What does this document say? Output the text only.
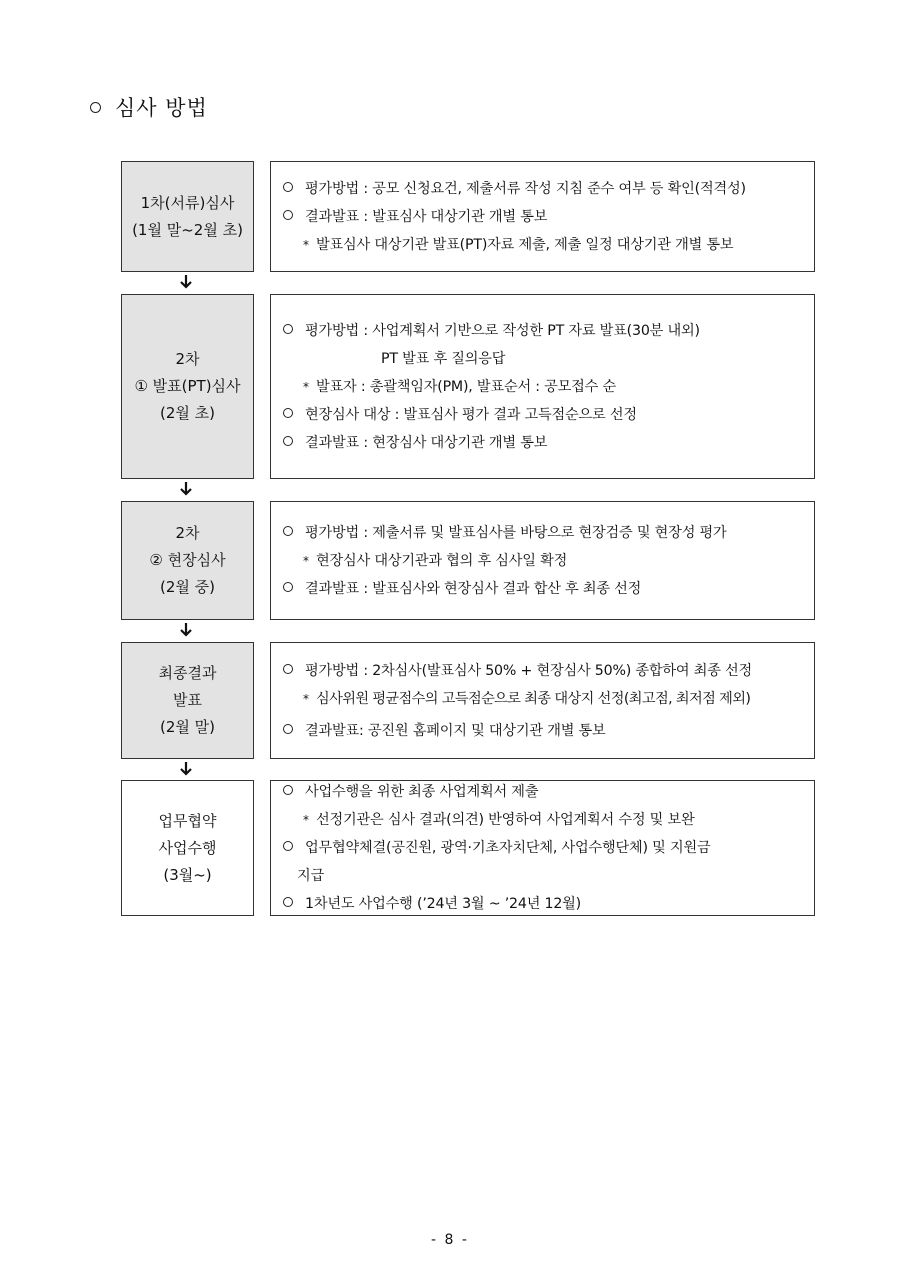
심사 방법
1차(서류)심사
(1월 말~2월 초)
평가방법 : 공모 신청요건, 제출서류 작성 지침 준수 여부 등 확인(적격성)
결과발표 : 발표심사 대상기관 개별 통보
* 발표심사 대상기관 발표(PT)자료 제출, 제출 일정 대상기관 개별 통보
2차
① 발표(PT)심사
(2월 초)
평가방법 : 사업계획서 기반으로 작성한 PT 자료 발표(30분 내외)
PT 발표 후 질의응답
* 발표자 : 총괄책임자(PM), 발표순서 : 공모접수 순
현장심사 대상 : 발표심사 평가 결과 고득점순으로 선정
결과발표 : 현장심사 대상기관 개별 통보
2차
② 현장심사
(2월 중)
평가방법 : 제출서류 및 발표심사를 바탕으로 현장검증 및 현장성 평가
* 현장심사 대상기관과 협의 후 심사일 확정
결과발표 : 발표심사와 현장심사 결과 합산 후 최종 선정
최종결과
발표
(2월 말)
평가방법 : 2차심사(발표심사 50% + 현장심사 50%) 종합하여 최종 선정
* 심사위원 평균점수의 고득점순으로 최종 대상지 선정(최고점, 최저점 제외)
결과발표: 공진원 홈페이지 및 대상기관 개별 통보
업무협약
사업수행
(3월~)
사업수행을 위한 최종 사업계획서 제출
* 선정기관은 심사 결과(의견) 반영하여 사업계획서 수정 및 보완
업무협약체결(공진원, 광역·기초자치단체, 사업수행단체) 및 지원금
지급
1차년도 사업수행 (’24년 3월 ~ ’24년 12월)
- 8 -
